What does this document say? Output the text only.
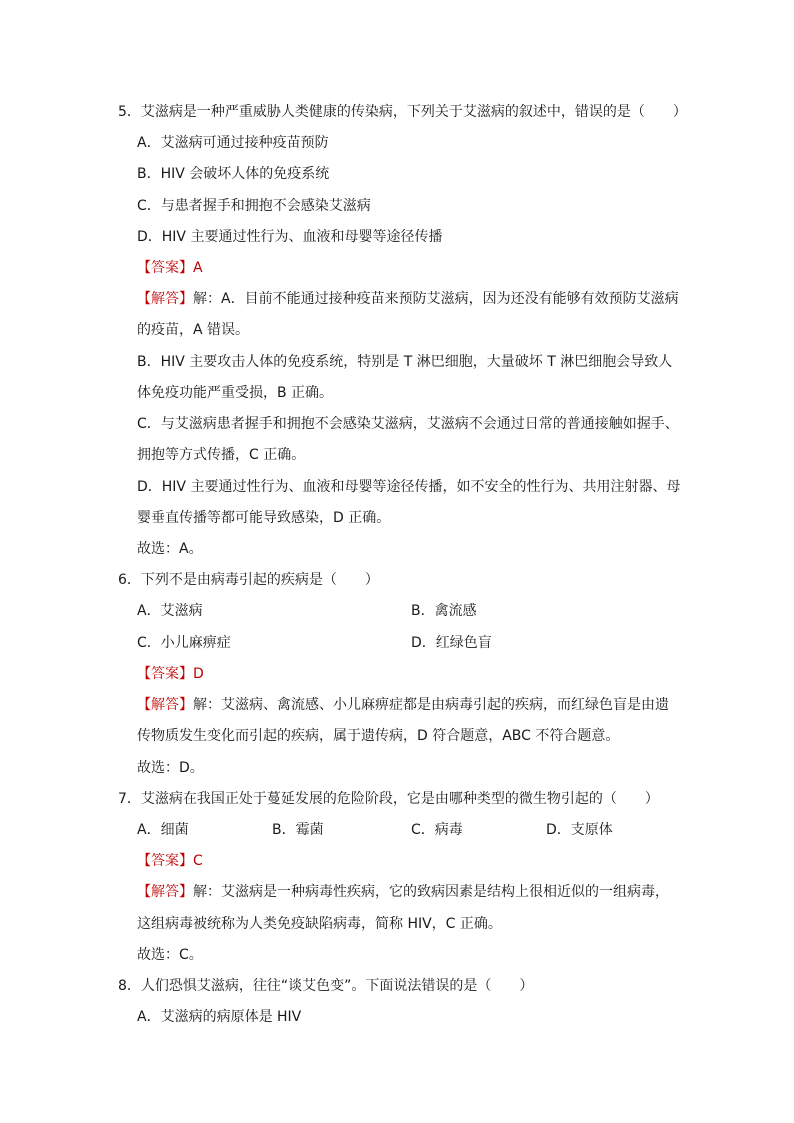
5．艾滋病是一种严重威胁人类健康的传染病，下列关于艾滋病的叙述中，错误的是（　　）
A．艾滋病可通过接种疫苗预防
B．HIV 会破坏人体的免疫系统
C．与患者握手和拥抱不会感染艾滋病
D．HIV 主要通过性行为、血液和母婴等途径传播
【答案】A
【解答】解：A．目前不能通过接种疫苗来预防艾滋病，因为还没有能够有效预防艾滋病
的疫苗，A 错误。
B．HIV 主要攻击人体的免疫系统，特别是 T 淋巴细胞，大量破坏 T 淋巴细胞会导致人
体免疫功能严重受损，B 正确。
C．与艾滋病患者握手和拥抱不会感染艾滋病，艾滋病不会通过日常的普通接触如握手、
拥抱等方式传播，C 正确。
D．HIV 主要通过性行为、血液和母婴等途径传播，如不安全的性行为、共用注射器、母
婴垂直传播等都可能导致感染，D 正确。
故选：A。
6．下列不是由病毒引起的疾病是（　　）
A．艾滋病	B．禽流感
C．小儿麻痹症	D．红绿色盲
【答案】D
【解答】解：艾滋病、禽流感、小儿麻痹症都是由病毒引起的疾病，而红绿色盲是由遗
传物质发生变化而引起的疾病，属于遗传病，D 符合题意，ABC 不符合题意。
故选：D。
7．艾滋病在我国正处于蔓延发展的危险阶段，它是由哪种类型的微生物引起的（　　）
A．细菌	B．霉菌	C．病毒	D．支原体
【答案】C
【解答】解：艾滋病是一种病毒性疾病，它的致病因素是结构上很相近似的一组病毒，
这组病毒被统称为人类免疫缺陷病毒，简称 HIV，C 正确。
故选：C。
8．人们恐惧艾滋病，往往“谈艾色变”。下面说法错误的是（　　）
A．艾滋病的病原体是 HIV
